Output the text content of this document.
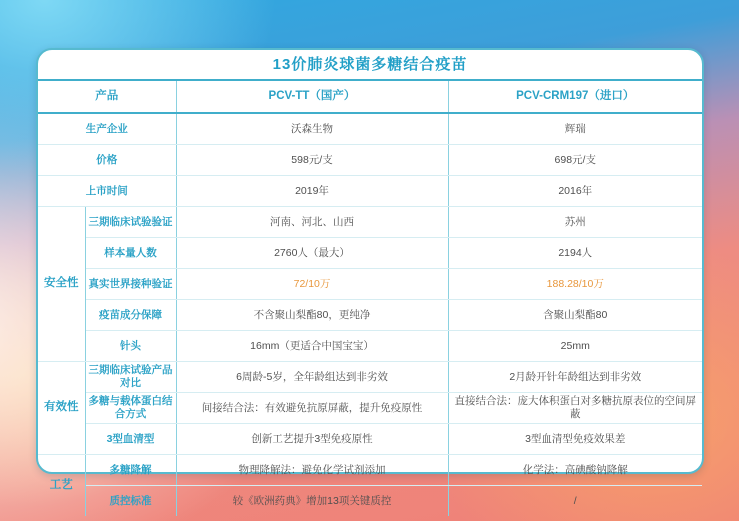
13价肺炎球菌多糖结合疫苗
产品		PCV-TT（国产）	PCV-CRM197（进口）
生产企业		沃森生物	辉瑞
价格		598元/支	698元/支
上市时间		2019年	2016年
安全性	三期临床试验验证	河南、河北、山西	苏州
	样本量人数	2760人（最大）	2194人
	真实世界接种验证	72/10万	188.28/10万
	疫苗成分保障	不含聚山梨酯80，更纯净	含聚山梨酯80
	针头	16mm（更适合中国宝宝）	25mm
有效性	三期临床试验产品对比	6周龄-5岁，全年龄组达到非劣效	2月龄开针年龄组达到非劣效
	多糖与载体蛋白结合方式	间接结合法：有效避免抗原屏蔽，提升免疫原性	直接结合法：庞大体积蛋白对多糖抗原表位的空间屏蔽
	3型血清型	创新工艺提升3型免疫原性	3型血清型免疫效果差
工艺	多糖降解	物理降解法：避免化学试剂添加	化学法：高碘酸钠降解
	质控标准	较《欧洲药典》增加13项关键质控	/
